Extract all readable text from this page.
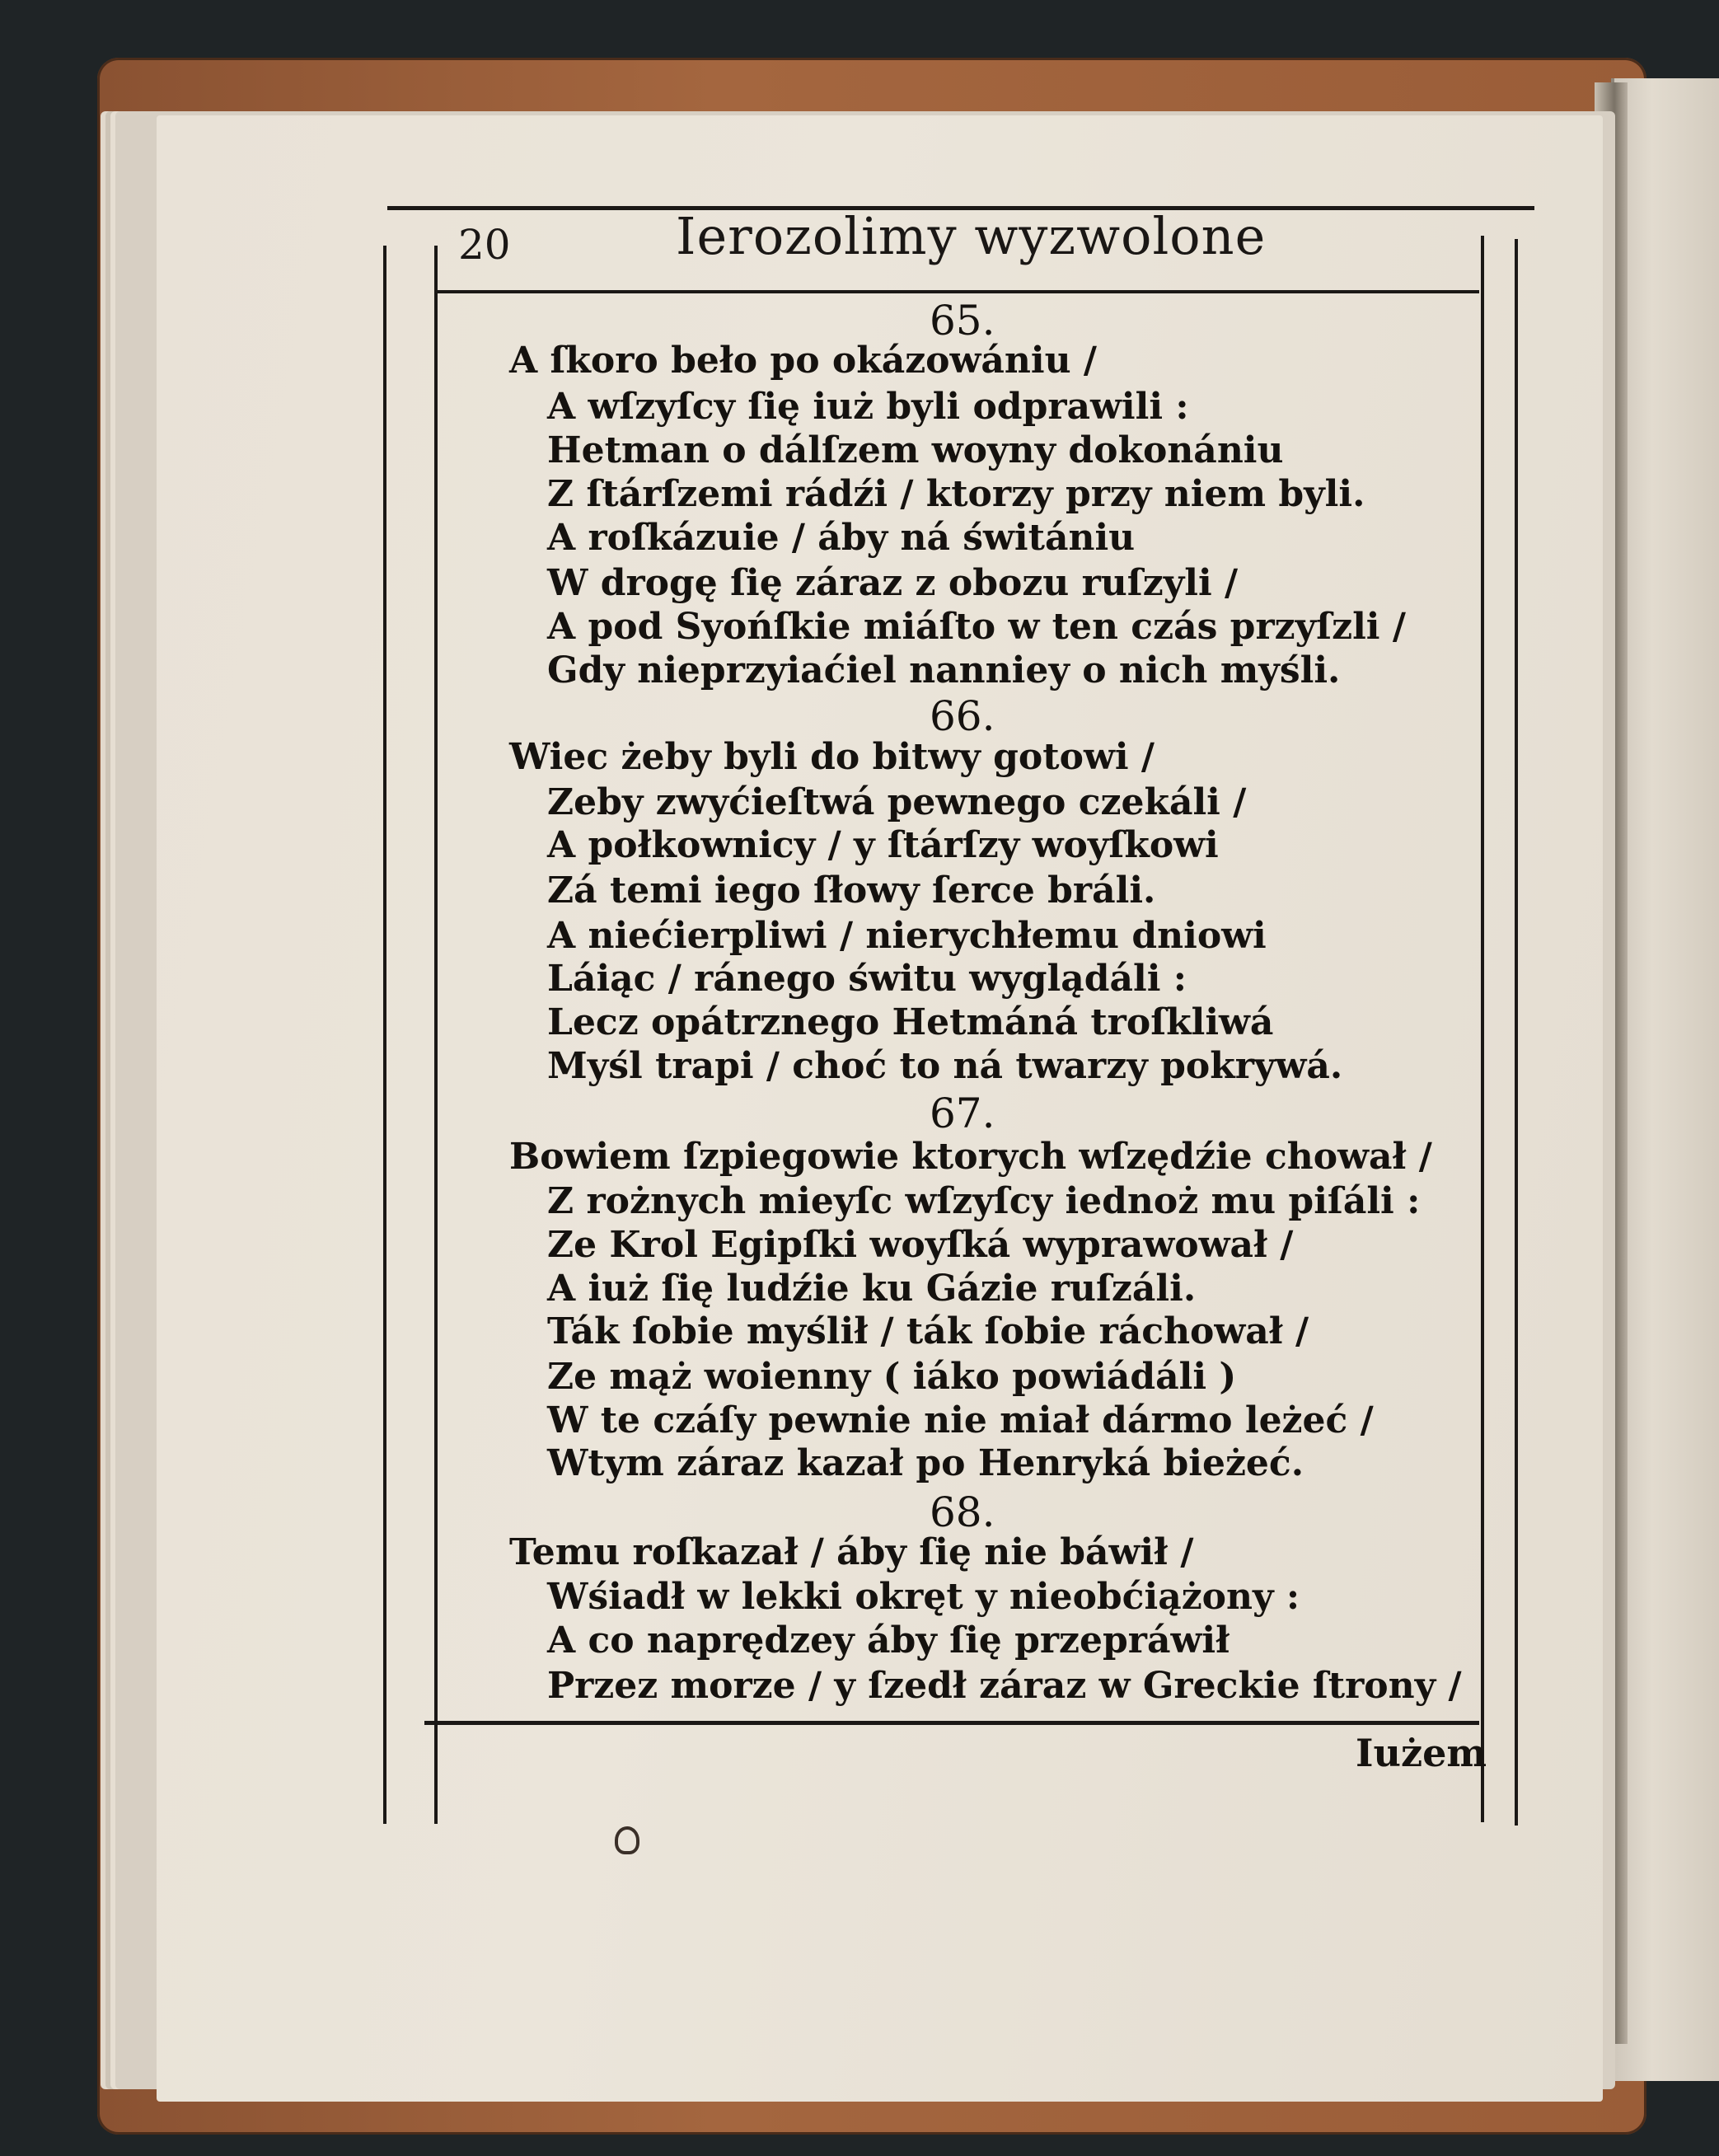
20	Ierozolimy wyzwolone
65.
A ſkoro beło po okázowániu /
A wſzyſcy ſię iuż byli odprawili :
Hetman o dálſzem woyny dokonániu
Z ſtárſzemi rádźi / ktorzy przy niem byli.
A roſkázuie / áby ná świtániu
W drogę ſię záraz z obozu ruſzyli /
A pod Syońſkie miáſto w ten czás przyſzli /
Gdy nieprzyiaćiel nanniey o nich myśli.
66.
Wiec żeby byli do bitwy gotowi /
Zeby zwyćieſtwá pewnego czekáli /
A połkownicy / y ſtárſzy woyſkowi
Zá temi iego ſłowy ſerce bráli.
A niećierpliwi / nierychłemu dniowi
Láiąc / ránego świtu wyglądáli :
Lecz opátrznego Hetmáná troſkliwá
Myśl trapi / choć to ná twarzy pokrywá.
67.
Bowiem ſzpiegowie ktorych wſzędźie chował /
Z rożnych mieyſc wſzyſcy iednoż mu piſáli :
Ze Krol Egipſki woyſká wyprawował /
A iuż ſię ludźie ku Gázie ruſzáli.
Ták ſobie myślił / ták ſobie ráchował /
Ze mąż woienny ( iáko powiádáli )
W te czáſy pewnie nie miał dármo leżeć /
Wtym záraz kazał po Henryká bieżeć.
68.
Temu roſkazał / áby ſię nie báwił /
Wśiadł w lekki okręt y nieobćiążony :
A co naprędzey áby ſię przepráwił
Przez morze / y ſzedł záraz w Greckie ſtrony /
Iużem
